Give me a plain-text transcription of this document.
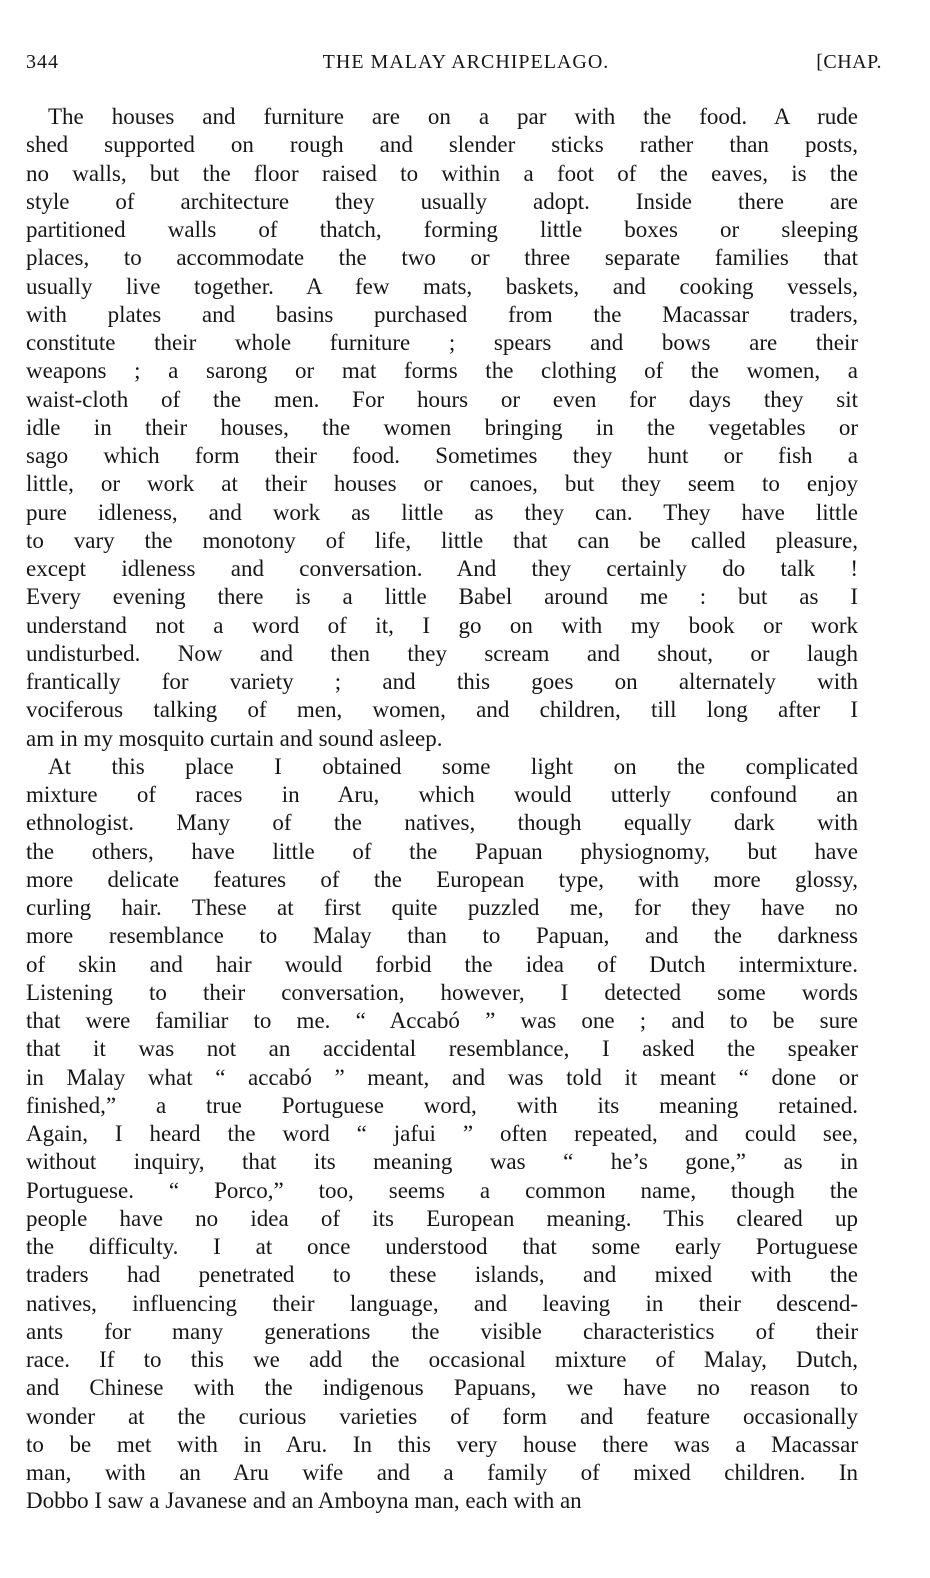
344	THE MALAY ARCHIPELAGO.	[CHAP.
The houses and furniture are on a par with the food. A rude
shed supported on rough and slender sticks rather than posts,
no walls, but the floor raised to within a foot of the eaves, is the
style of architecture they usually adopt. Inside there are
partitioned walls of thatch, forming little boxes or sleeping
places, to accommodate the two or three separate families that
usually live together. A few mats, baskets, and cooking vessels,
with plates and basins purchased from the Macassar traders,
constitute their whole furniture ; spears and bows are their
weapons ; a sarong or mat forms the clothing of the women, a
waist-cloth of the men. For hours or even for days they sit
idle in their houses, the women bringing in the vegetables or
sago which form their food. Sometimes they hunt or fish a
little, or work at their houses or canoes, but they seem to enjoy
pure idleness, and work as little as they can. They have little
to vary the monotony of life, little that can be called pleasure,
except idleness and conversation. And they certainly do talk !
Every evening there is a little Babel around me : but as I
understand not a word of it, I go on with my book or work
undisturbed. Now and then they scream and shout, or laugh
frantically for variety ; and this goes on alternately with
vociferous talking of men, women, and children, till long after I
am in my mosquito curtain and sound asleep.
At this place I obtained some light on the complicated
mixture of races in Aru, which would utterly confound an
ethnologist. Many of the natives, though equally dark with
the others, have little of the Papuan physiognomy, but have
more delicate features of the European type, with more glossy,
curling hair. These at first quite puzzled me, for they have no
more resemblance to Malay than to Papuan, and the darkness
of skin and hair would forbid the idea of Dutch intermixture.
Listening to their conversation, however, I detected some words
that were familiar to me. “ Accabó ” was one ; and to be sure
that it was not an accidental resemblance, I asked the speaker
in Malay what “ accabó ” meant, and was told it meant “ done or
finished,” a true Portuguese word, with its meaning retained.
Again, I heard the word “ jafui ” often repeated, and could see,
without inquiry, that its meaning was “ he’s gone,” as in
Portuguese. “ Porco,” too, seems a common name, though the
people have no idea of its European meaning. This cleared up
the difficulty. I at once understood that some early Portuguese
traders had penetrated to these islands, and mixed with the
natives, influencing their language, and leaving in their descend-
ants for many generations the visible characteristics of their
race. If to this we add the occasional mixture of Malay, Dutch,
and Chinese with the indigenous Papuans, we have no reason to
wonder at the curious varieties of form and feature occasionally
to be met with in Aru. In this very house there was a Macassar
man, with an Aru wife and a family of mixed children. In
Dobbo I saw a Javanese and an Amboyna man, each with an
